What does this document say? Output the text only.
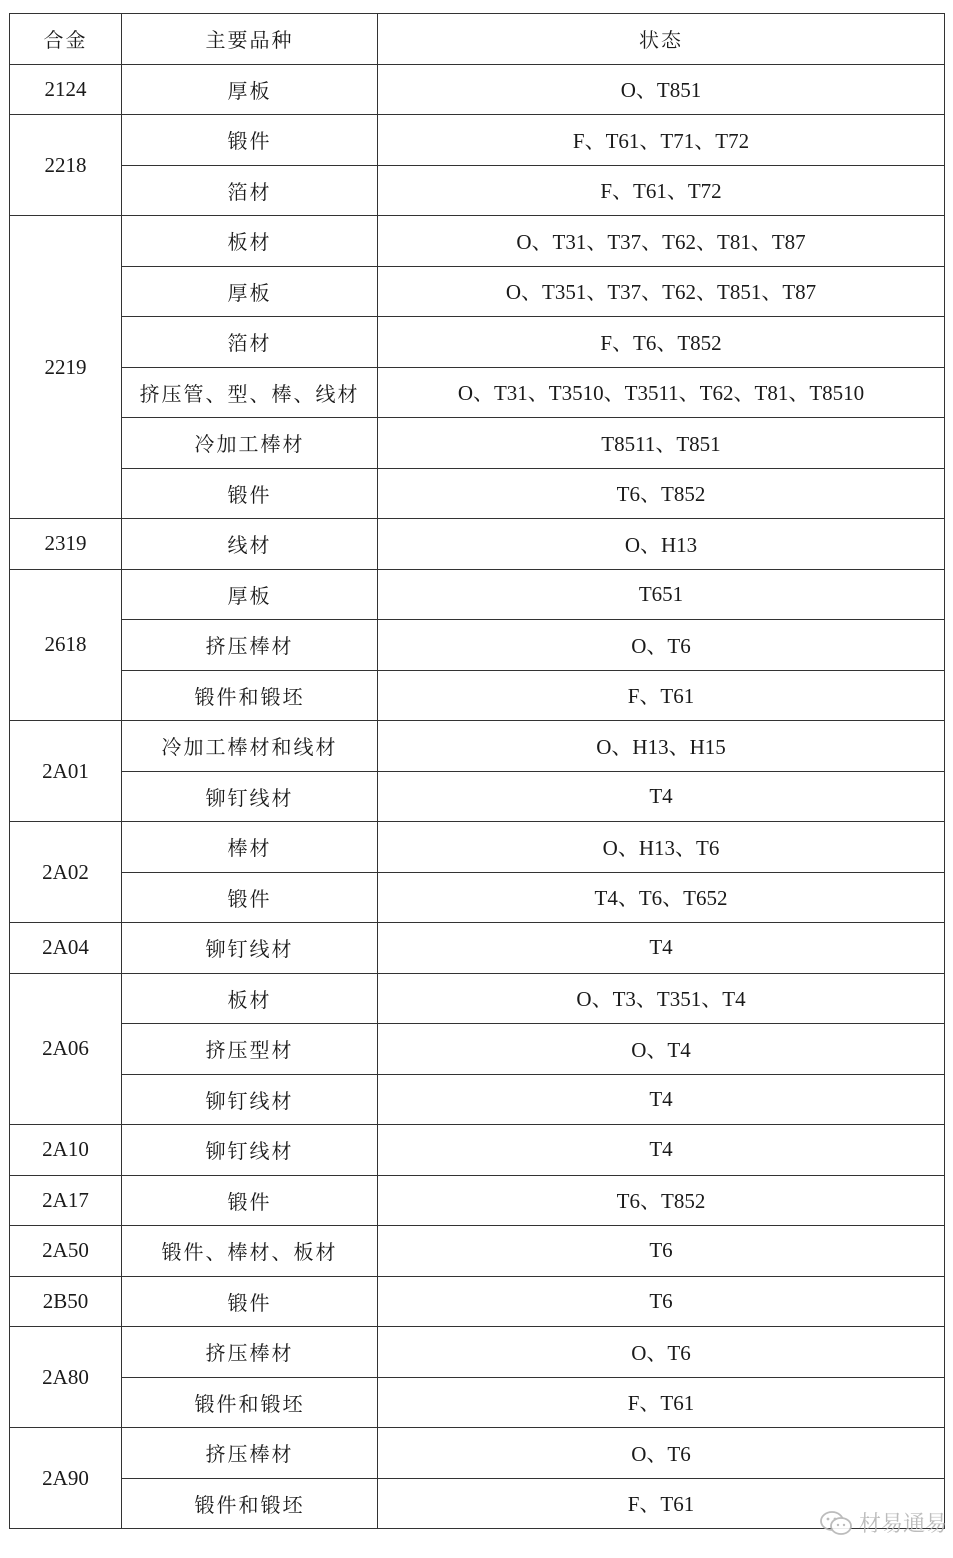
合金	主要品种	状态
2124	厚板	O、T851
2218	锻件	F、T61、T71、T72
	箔材	F、T61、T72
2219	板材	O、T31、T37、T62、T81、T87
	厚板	O、T351、T37、T62、T851、T87
	箔材	F、T6、T852
	挤压管、型、棒、线材	O、T31、T3510、T3511、T62、T81、T8510
	冷加工棒材	T8511、T851
	锻件	T6、T852
2319	线材	O、H13
2618	厚板	T651
	挤压棒材	O、T6
	锻件和锻坯	F、T61
2A01	冷加工棒材和线材	O、H13、H15
	铆钉线材	T4
2A02	棒材	O、H13、T6
	锻件	T4、T6、T652
2A04	铆钉线材	T4
2A06	板材	O、T3、T351、T4
	挤压型材	O、T4
	铆钉线材	T4
2A10	铆钉线材	T4
2A17	锻件	T6、T852
2A50	锻件、棒材、板材	T6
2B50	锻件	T6
2A80	挤压棒材	O、T6
	锻件和锻坯	F、T61
2A90	挤压棒材	O、T6
	锻件和锻坯	F、T61
材易通易
